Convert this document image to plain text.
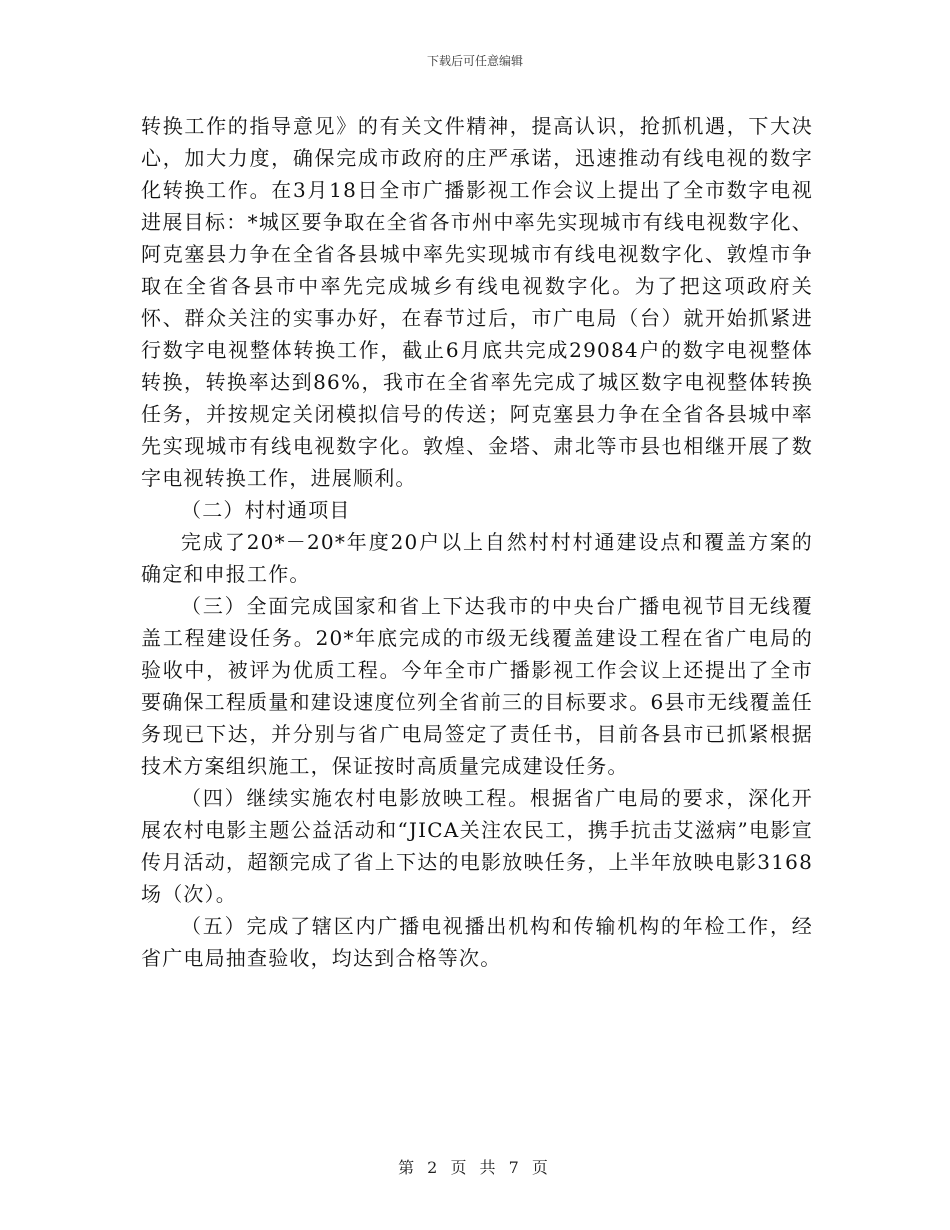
下载后可任意编辑

转换工作的指导意见》的有关文件精神，提高认识，抢抓机遇，下大决心，加大力度，确保完成市政府的庄严承诺，迅速推动有线电视的数字化转换工作。在3月18日全市广播影视工作会议上提出了全市数字电视进展目标：*城区要争取在全省各市州中率先实现城市有线电视数字化、阿克塞县力争在全省各县城中率先实现城市有线电视数字化、敦煌市争取在全省各县市中率先完成城乡有线电视数字化。为了把这项政府关怀、群众关注的实事办好，在春节过后，市广电局（台）就开始抓紧进行数字电视整体转换工作，截止6月底共完成29084户的数字电视整体转换，转换率达到86%，我市在全省率先完成了城区数字电视整体转换任务，并按规定关闭模拟信号的传送；阿克塞县力争在全省各县城中率先实现城市有线电视数字化。敦煌、金塔、肃北等市县也相继开展了数字电视转换工作，进展顺利。

（二）村村通项目

完成了20*－20*年度20户以上自然村村村通建设点和覆盖方案的确定和申报工作。

（三）全面完成国家和省上下达我市的中央台广播电视节目无线覆盖工程建设任务。20*年底完成的市级无线覆盖建设工程在省广电局的验收中，被评为优质工程。今年全市广播影视工作会议上还提出了全市要确保工程质量和建设速度位列全省前三的目标要求。6县市无线覆盖任务现已下达，并分别与省广电局签定了责任书，目前各县市已抓紧根据技术方案组织施工，保证按时高质量完成建设任务。

（四）继续实施农村电影放映工程。根据省广电局的要求，深化开展农村电影主题公益活动和“JICA关注农民工，携手抗击艾滋病”电影宣传月活动，超额完成了省上下达的电影放映任务，上半年放映电影3168场（次）。

（五）完成了辖区内广播电视播出机构和传输机构的年检工作，经省广电局抽查验收，均达到合格等次。

第 2 页 共 7 页
